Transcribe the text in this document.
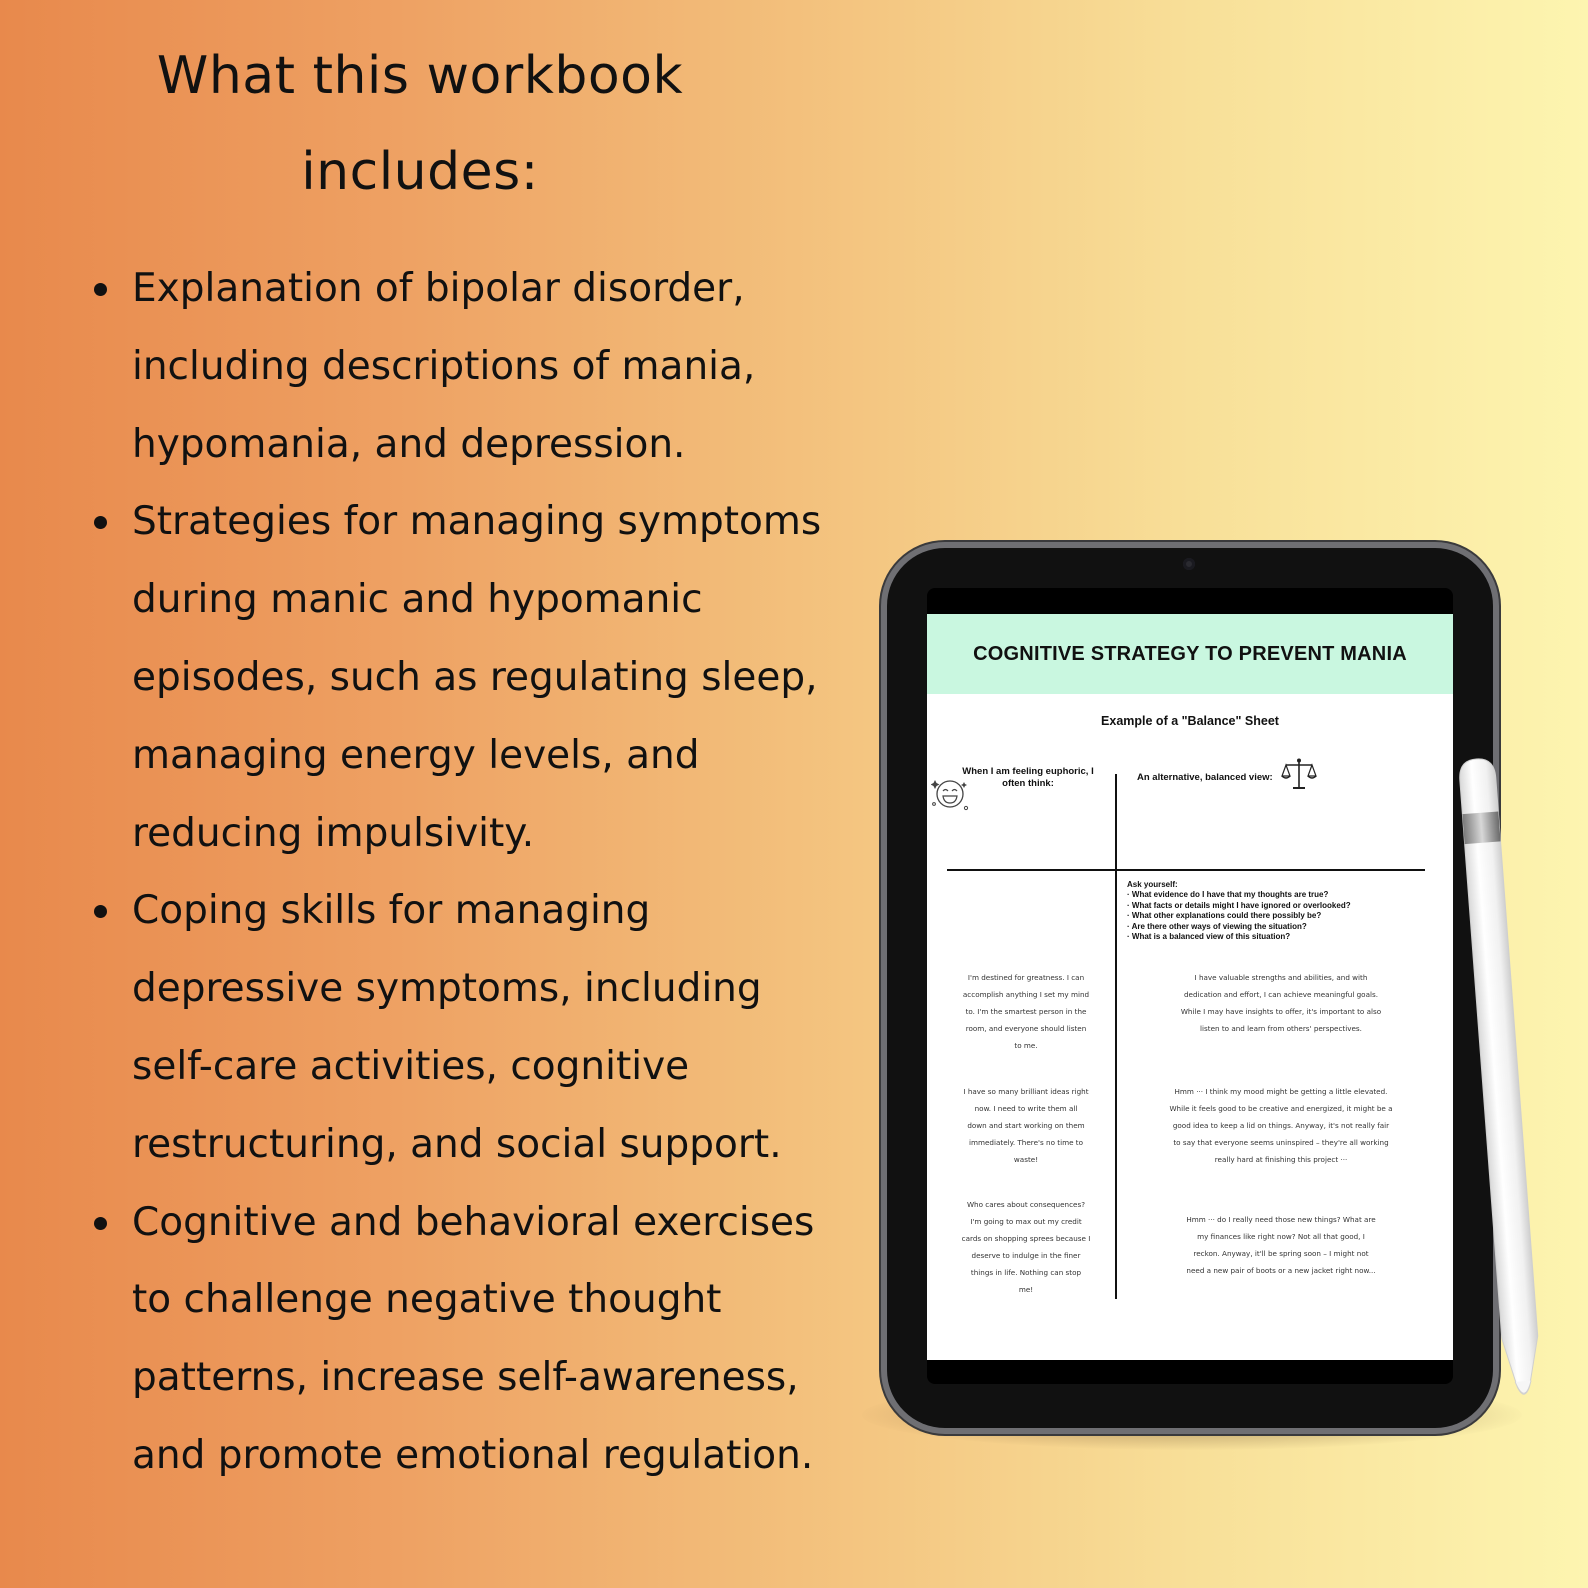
What this workbook
includes:
Explanation of bipolar disorder,
including descriptions of mania,
hypomania, and depression.
Strategies for managing symptoms
during manic and hypomanic
episodes, such as regulating sleep,
managing energy levels, and
reducing impulsivity.
Coping skills for managing
depressive symptoms, including
self-care activities, cognitive
restructuring, and social support.
Cognitive and behavioral exercises
to challenge negative thought
patterns, increase self-awareness,
and promote emotional regulation.
COGNITIVE STRATEGY TO PREVENT MANIA
Example of a "Balance" Sheet
When I am feeling euphoric, I
often think:
An alternative, balanced view:
Ask yourself:
· What evidence do I have that my thoughts are true?
· What facts or details might I have ignored or overlooked?
· What other explanations could there possibly be?
· Are there other ways of viewing the situation?
· What is a balanced view of this situation?
I'm destined for greatness. I can
accomplish anything I set my mind
to. I'm the smartest person in the
room, and everyone should listen
to me.
I have so many brilliant ideas right
now. I need to write them all
down and start working on them
immediately. There's no time to
waste!
Who cares about consequences?
I'm going to max out my credit
cards on shopping sprees because I
deserve to indulge in the finer
things in life. Nothing can stop
me!
I have valuable strengths and abilities, and with
dedication and effort, I can achieve meaningful goals.
While I may have insights to offer, it's important to also
listen to and learn from others' perspectives.
Hmm ··· I think my mood might be getting a little elevated.
While it feels good to be creative and energized, it might be a
good idea to keep a lid on things. Anyway, it's not really fair
to say that everyone seems uninspired – they're all working
really hard at finishing this project ···
Hmm ··· do I really need those new things? What are
my finances like right now? Not all that good, I
reckon. Anyway, it'll be spring soon – I might not
need a new pair of boots or a new jacket right now...
